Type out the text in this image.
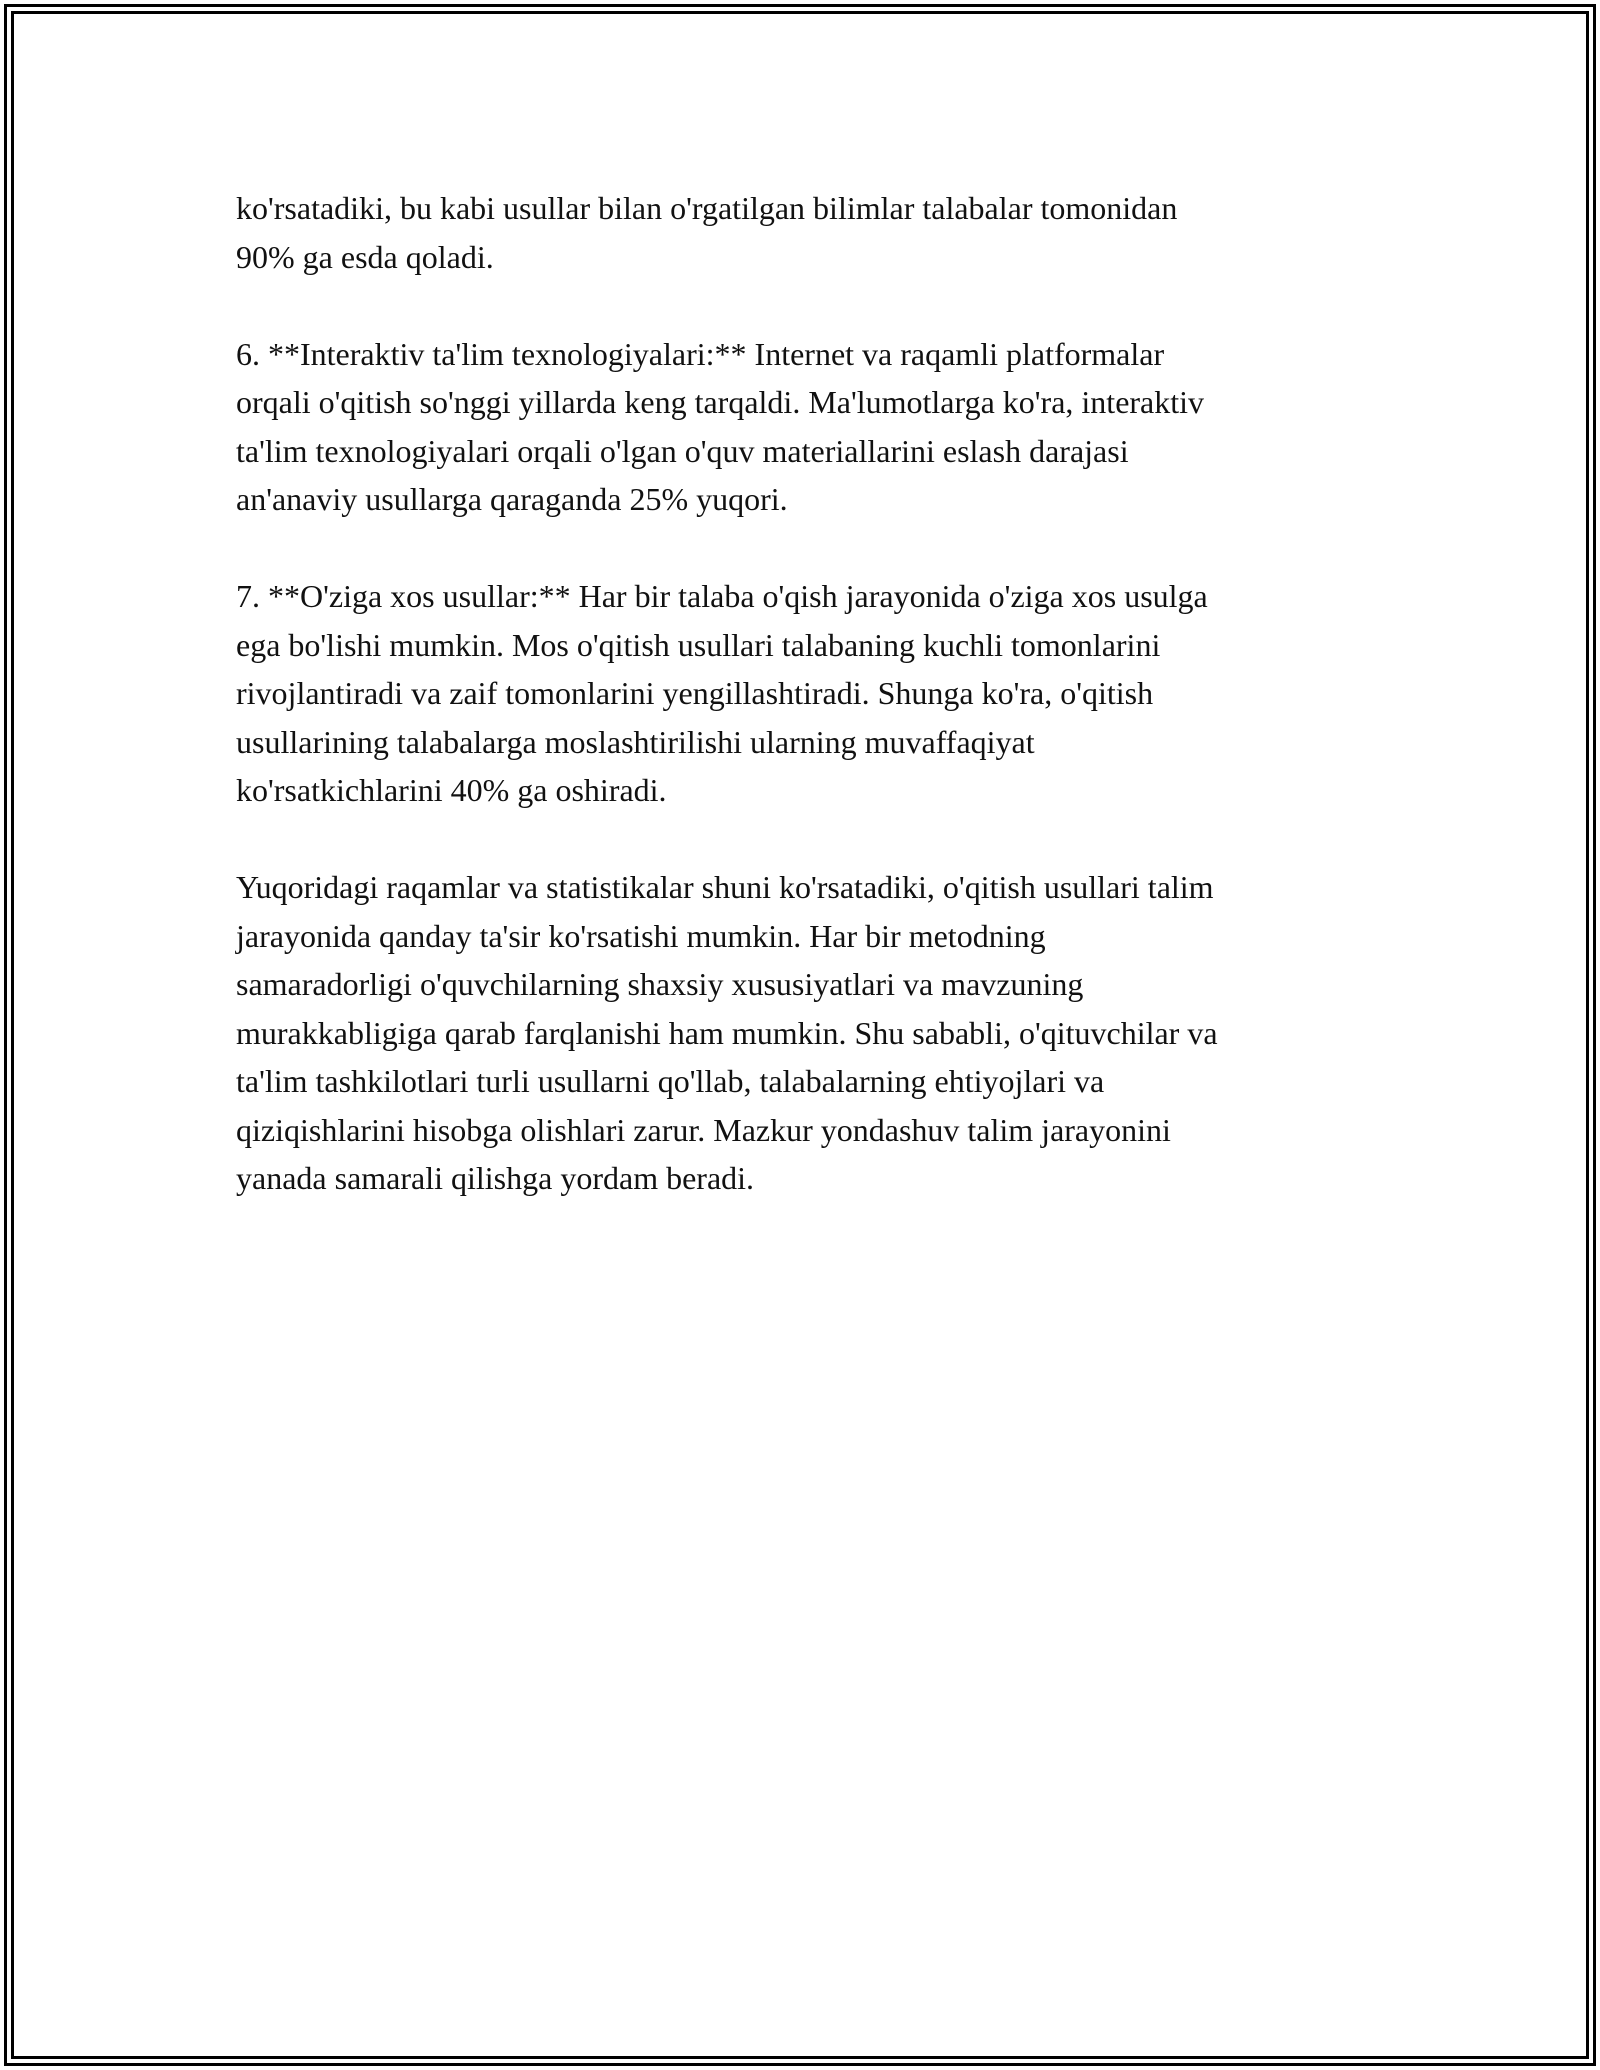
ko'rsatadiki, bu kabi usullar bilan o'rgatilgan bilimlar talabalar tomonidan
90% ga esda qoladi.

6. **Interaktiv ta'lim texnologiyalari:** Internet va raqamli platformalar
orqali o'qitish so'nggi yillarda keng tarqaldi. Ma'lumotlarga ko'ra, interaktiv
ta'lim texnologiyalari orqali o'lgan o'quv materiallarini eslash darajasi
an'anaviy usullarga qaraganda 25% yuqori.

7. **O'ziga xos usullar:** Har bir talaba o'qish jarayonida o'ziga xos usulga
ega bo'lishi mumkin. Mos o'qitish usullari talabaning kuchli tomonlarini
rivojlantiradi va zaif tomonlarini yengillashtiradi. Shunga ko'ra, o'qitish
usullarining talabalarga moslashtirilishi ularning muvaffaqiyat
ko'rsatkichlarini 40% ga oshiradi.

Yuqoridagi raqamlar va statistikalar shuni ko'rsatadiki, o'qitish usullari talim
jarayonida qanday ta'sir ko'rsatishi mumkin. Har bir metodning
samaradorligi o'quvchilarning shaxsiy xususiyatlari va mavzuning
murakkabligiga qarab farqlanishi ham mumkin. Shu sababli, o'qituvchilar va
ta'lim tashkilotlari turli usullarni qo'llab, talabalarning ehtiyojlari va
qiziqishlarini hisobga olishlari zarur. Mazkur yondashuv talim jarayonini
yanada samarali qilishga yordam beradi.
